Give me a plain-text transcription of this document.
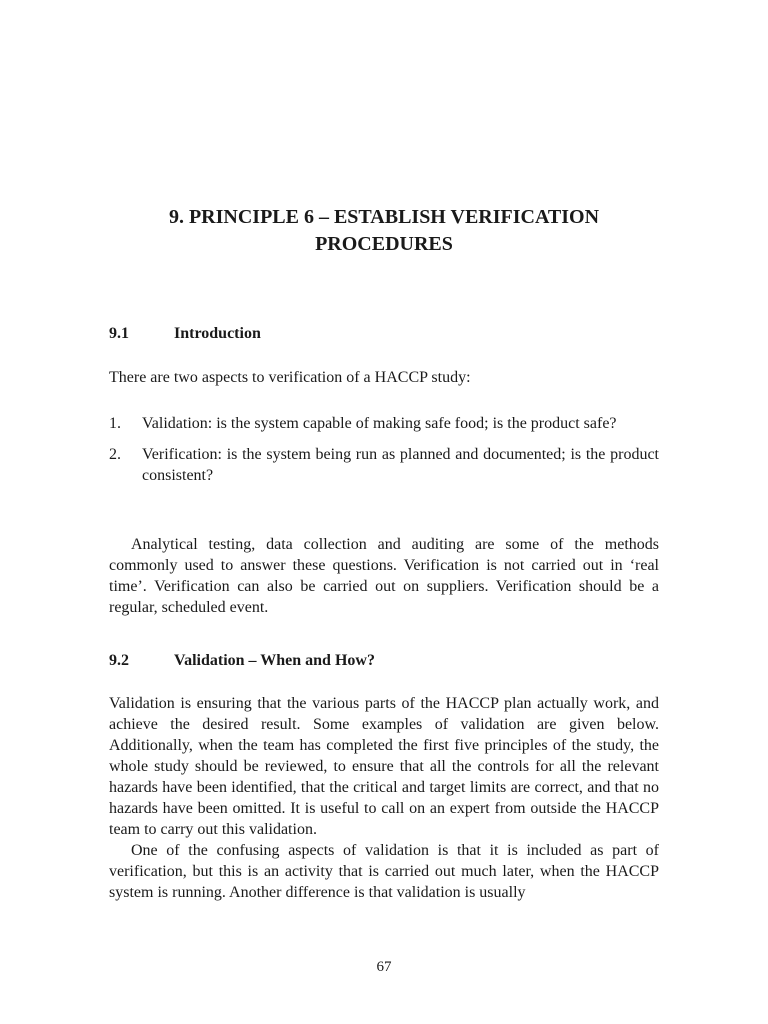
9. PRINCIPLE 6 – ESTABLISH VERIFICATION
PROCEDURES
9.1	Introduction

There are two aspects to verification of a HACCP study:

1.	Validation: is the system capable of making safe food; is the product safe?
2.	Verification: is the system being run as planned and documented; is the product consistent?

Analytical testing, data collection and auditing are some of the methods commonly used to answer these questions. Verification is not carried out in ‘real time’. Verification can also be carried out on suppliers. Verification should be a regular, scheduled event.

9.2	Validation – When and How?

Validation is ensuring that the various parts of the HACCP plan actually work, and achieve the desired result. Some examples of validation are given below. Additionally, when the team has completed the first five principles of the study, the whole study should be reviewed, to ensure that all the controls for all the relevant hazards have been identified, that the critical and target limits are correct, and that no hazards have been omitted. It is useful to call on an expert from outside the HACCP team to carry out this validation.

One of the confusing aspects of validation is that it is included as part of verification, but this is an activity that is carried out much later, when the HACCP system is running. Another difference is that validation is usually

67
